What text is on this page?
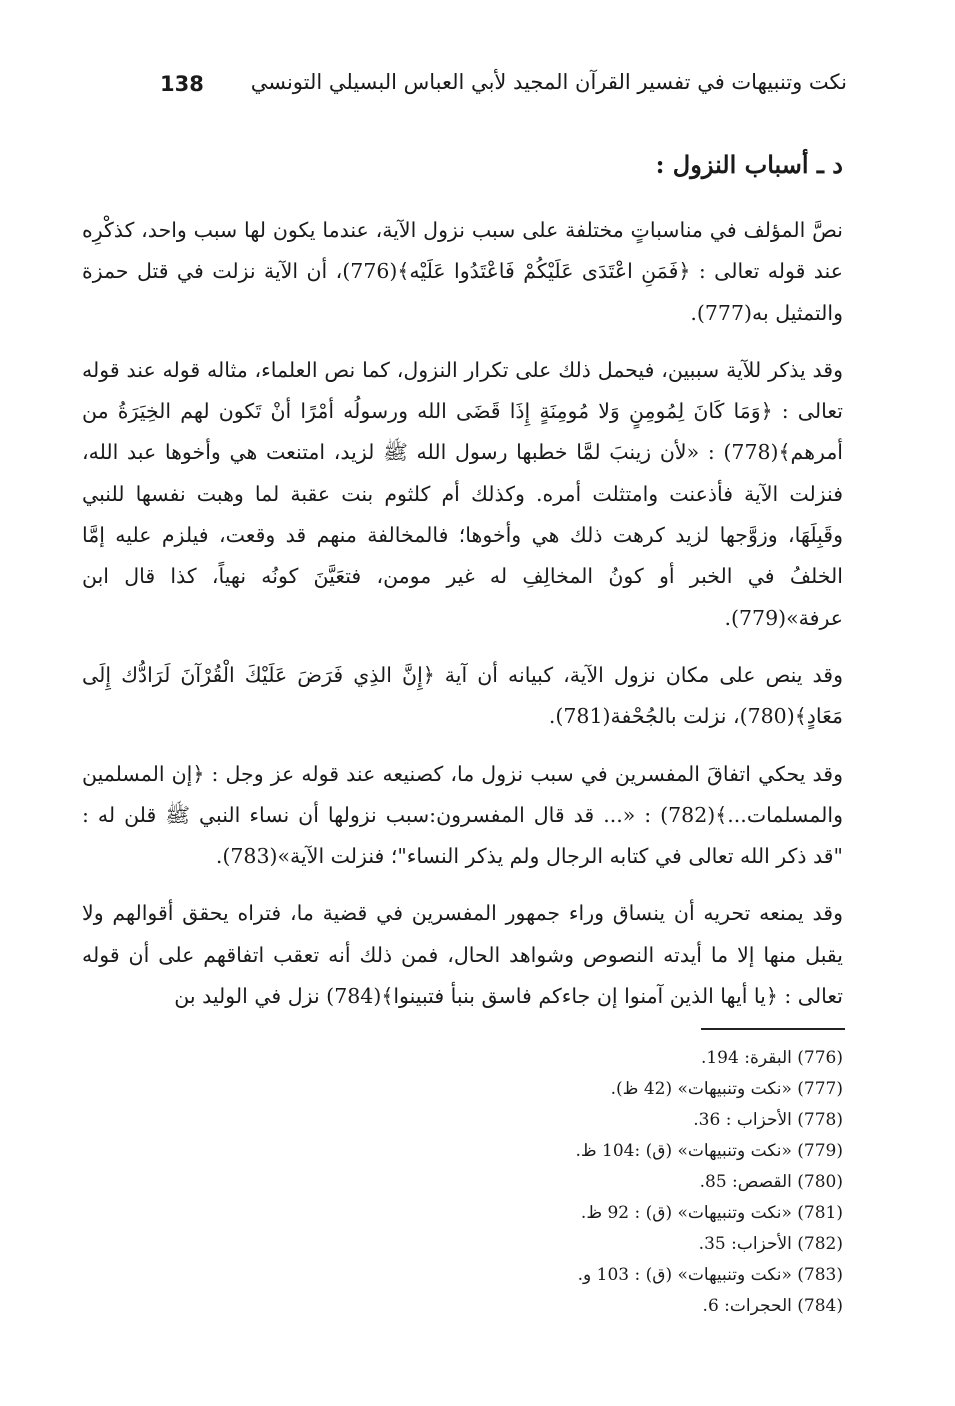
138 نكت وتنبيهات في تفسير القرآن المجيد لأبي العباس البسيلي التونسي
د ـ أسباب النزول :

نصَّ المؤلف في مناسباتٍ مختلفة على سبب نزول الآية، عندما يكون لها سبب واحد، كذكْرِه عند قوله تعالى : ﴿فَمَنِ اعْتَدَى عَلَيْكُمْ فَاعْتَدُوا عَلَيْه﴾(776)، أن الآية نزلت في قتل حمزة والتمثيل به(777).

وقد يذكر للآية سببين، فيحمل ذلك على تكرار النزول، كما نص العلماء، مثاله قوله عند قوله تعالى : ﴿وَمَا كَانَ لِمُومِنٍ وَلا مُومِنَةٍ إِذَا قَضَى الله ورسولُه أمْرًا أنْ تَكون لهم الخِيَرَةُ من أمرهم﴾(778) : «لأن زينبَ لمَّا خطبها رسول الله ﷺ لزيد، امتنعت هي وأخوها عبد الله، فنزلت الآية فأذعنت وامتثلت أمره. وكذلك أم كلثوم بنت عقبة لما وهبت نفسها للنبي وقَبِلَهَا، وزوَّجها لزيد كرهت ذلك هي وأخوها؛ فالمخالفة منهم قد وقعت، فيلزم عليه إمَّا الخلفُ في الخبر أو كونُ المخالِفِ له غير مومن، فتعَيَّنَ كونُه نهياً، كذا قال ابن عرفة»(779).

وقد ينص على مكان نزول الآية، كبيانه أن آية ﴿إِنَّ الذِي فَرَضَ عَلَيْكَ الْقُرْآنَ لَرَادُّك إِلَى مَعَادٍ﴾(780)، نزلت بالجُحْفة(781).

وقد يحكي اتفاقَ المفسرين في سبب نزول ما، كصنيعه عند قوله عز وجل : ﴿إن المسلمين والمسلمات...﴾(782) : «... قد قال المفسرون:سبب نزولها أن نساء النبي ﷺ قلن له : "قد ذكر الله تعالى في كتابه الرجال ولم يذكر النساء"؛ فنزلت الآية»(783).

وقد يمنعه تحريه أن ينساق وراء جمهور المفسرين في قضية ما، فتراه يحقق أقوالهم ولا يقبل منها إلا ما أيدته النصوص وشواهد الحال، فمن ذلك أنه تعقب اتفاقهم على أن قوله تعالى : ﴿يا أيها الذين آمنوا إن جاءكم فاسق بنبأ فتبينوا﴾(784) نزل في الوليد بن

(776) البقرة: 194.

(777) «نكت وتنبيهات» (42 ظ).

(778) الأحزاب : 36.

(779) «نكت وتنبيهات» (ق) :104 ظ.

(780) القصص: 85.

(781) «نكت وتنبيهات» (ق) : 92 ظ.

(782) الأحزاب: 35.

(783) «نكت وتنبيهات» (ق) : 103 و.

(784) الحجرات: 6.
